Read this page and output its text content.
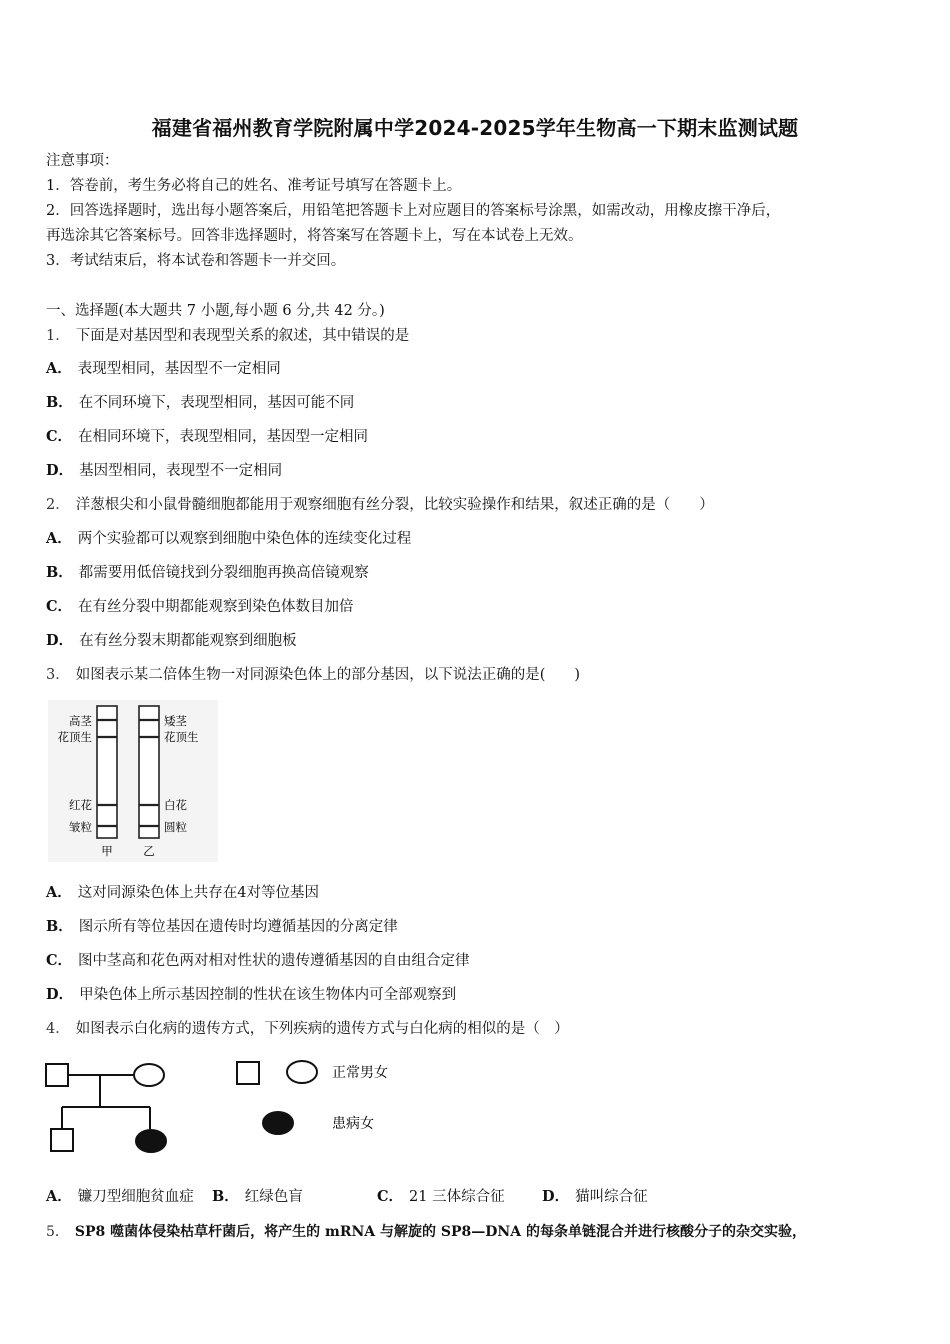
福建省福州教育学院附属中学2024-2025学年生物高一下期末监测试题
注意事项：
1．答卷前，考生务必将自己的姓名、准考证号填写在答题卡上。
2．回答选择题时，选出每小题答案后，用铅笔把答题卡上对应题目的答案标号涂黑，如需改动，用橡皮擦干净后，
再选涂其它答案标号。回答非选择题时，将答案写在答题卡上，写在本试卷上无效。
3．考试结束后，将本试卷和答题卡一并交回。
一、选择题(本大题共 7 小题,每小题 6 分,共 42 分。)
1． 下面是对基因型和表现型关系的叙述，其中错误的是
A． 表现型相同，基因型不一定相同
B． 在不同环境下，表现型相同，基因可能不同
C． 在相同环境下，表现型相同，基因型一定相同
D． 基因型相同，表现型不一定相同
2． 洋葱根尖和小鼠骨髓细胞都能用于观察细胞有丝分裂，比较实验操作和结果，叙述正确的是（　　）
A． 两个实验都可以观察到细胞中染色体的连续变化过程
B． 都需要用低倍镜找到分裂细胞再换高倍镜观察
C． 在有丝分裂中期都能观察到染色体数目加倍
D． 在有丝分裂末期都能观察到细胞板
3． 如图表示某二倍体生物一对同源染色体上的部分基因，以下说法正确的是(　　)
高茎
花顶生
红花
皱粒
矮茎
花顶生
白花
圆粒
甲	乙
A． 这对同源染色体上共存在4对等位基因
B． 图示所有等位基因在遗传时均遵循基因的分离定律
C． 图中茎高和花色两对相对性状的遗传遵循基因的自由组合定律
D． 甲染色体上所示基因控制的性状在该生物体内可全部观察到
4． 如图表示白化病的遗传方式，下列疾病的遗传方式与白化病的相似的是（　）
正常男女
患病女
A． 镰刀型细胞贫血症 B． 红绿色盲	C． 21 三体综合征	D． 猫叫综合征
5． SP8 噬菌体侵染枯草杆菌后，将产生的 mRNA 与解旋的 SP8—DNA 的每条单链混合并进行核酸分子的杂交实验，
